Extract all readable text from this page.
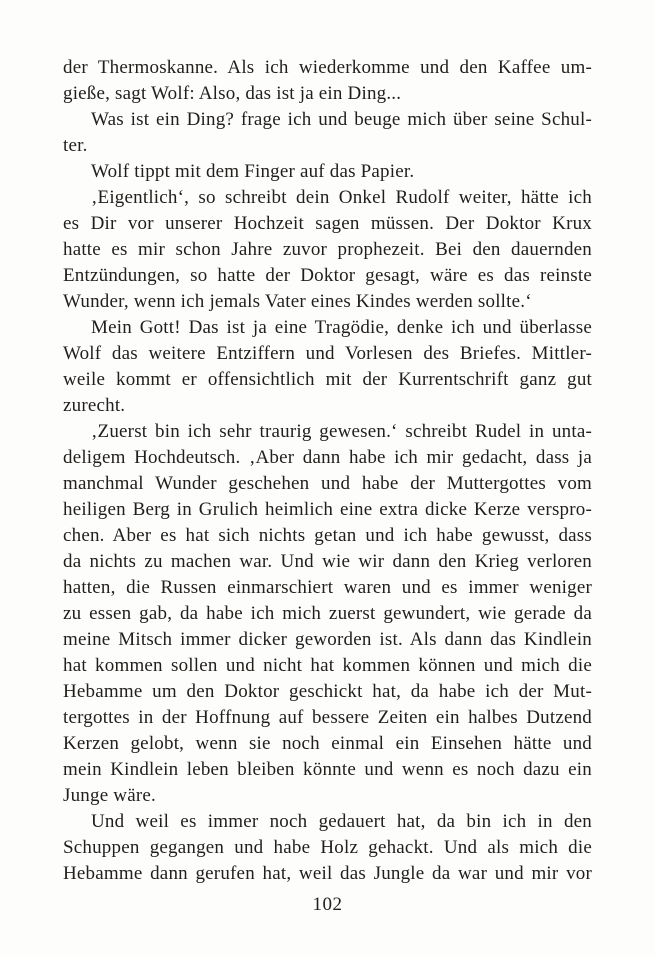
der Thermoskanne. Als ich wiederkomme und den Kaffee um-
gieße, sagt Wolf: Also, das ist ja ein Ding...
Was ist ein Ding? frage ich und beuge mich über seine Schul-
ter.
Wolf tippt mit dem Finger auf das Papier.
‚Eigentlich‘, so schreibt dein Onkel Rudolf weiter, hätte ich
es Dir vor unserer Hochzeit sagen müssen. Der Doktor Krux
hatte es mir schon Jahre zuvor prophezeit. Bei den dauernden
Entzündungen, so hatte der Doktor gesagt, wäre es das reinste
Wunder, wenn ich jemals Vater eines Kindes werden sollte.‘
Mein Gott! Das ist ja eine Tragödie, denke ich und überlasse
Wolf das weitere Entziffern und Vorlesen des Briefes. Mittler-
weile kommt er offensichtlich mit der Kurrentschrift ganz gut
zurecht.
‚Zuerst bin ich sehr traurig gewesen.‘ schreibt Rudel in unta-
deligem Hochdeutsch. ‚Aber dann habe ich mir gedacht, dass ja
manchmal Wunder geschehen und habe der Muttergottes vom
heiligen Berg in Grulich heimlich eine extra dicke Kerze verspro-
chen. Aber es hat sich nichts getan und ich habe gewusst, dass
da nichts zu machen war. Und wie wir dann den Krieg verloren
hatten, die Russen einmarschiert waren und es immer weniger
zu essen gab, da habe ich mich zuerst gewundert, wie gerade da
meine Mitsch immer dicker geworden ist. Als dann das Kindlein
hat kommen sollen und nicht hat kommen können und mich die
Hebamme um den Doktor geschickt hat, da habe ich der Mut-
tergottes in der Hoffnung auf bessere Zeiten ein halbes Dutzend
Kerzen gelobt, wenn sie noch einmal ein Einsehen hätte und
mein Kindlein leben bleiben könnte und wenn es noch dazu ein
Junge wäre.
Und weil es immer noch gedauert hat, da bin ich in den
Schuppen gegangen und habe Holz gehackt. Und als mich die
Hebamme dann gerufen hat, weil das Jungle da war und mir vor
102
